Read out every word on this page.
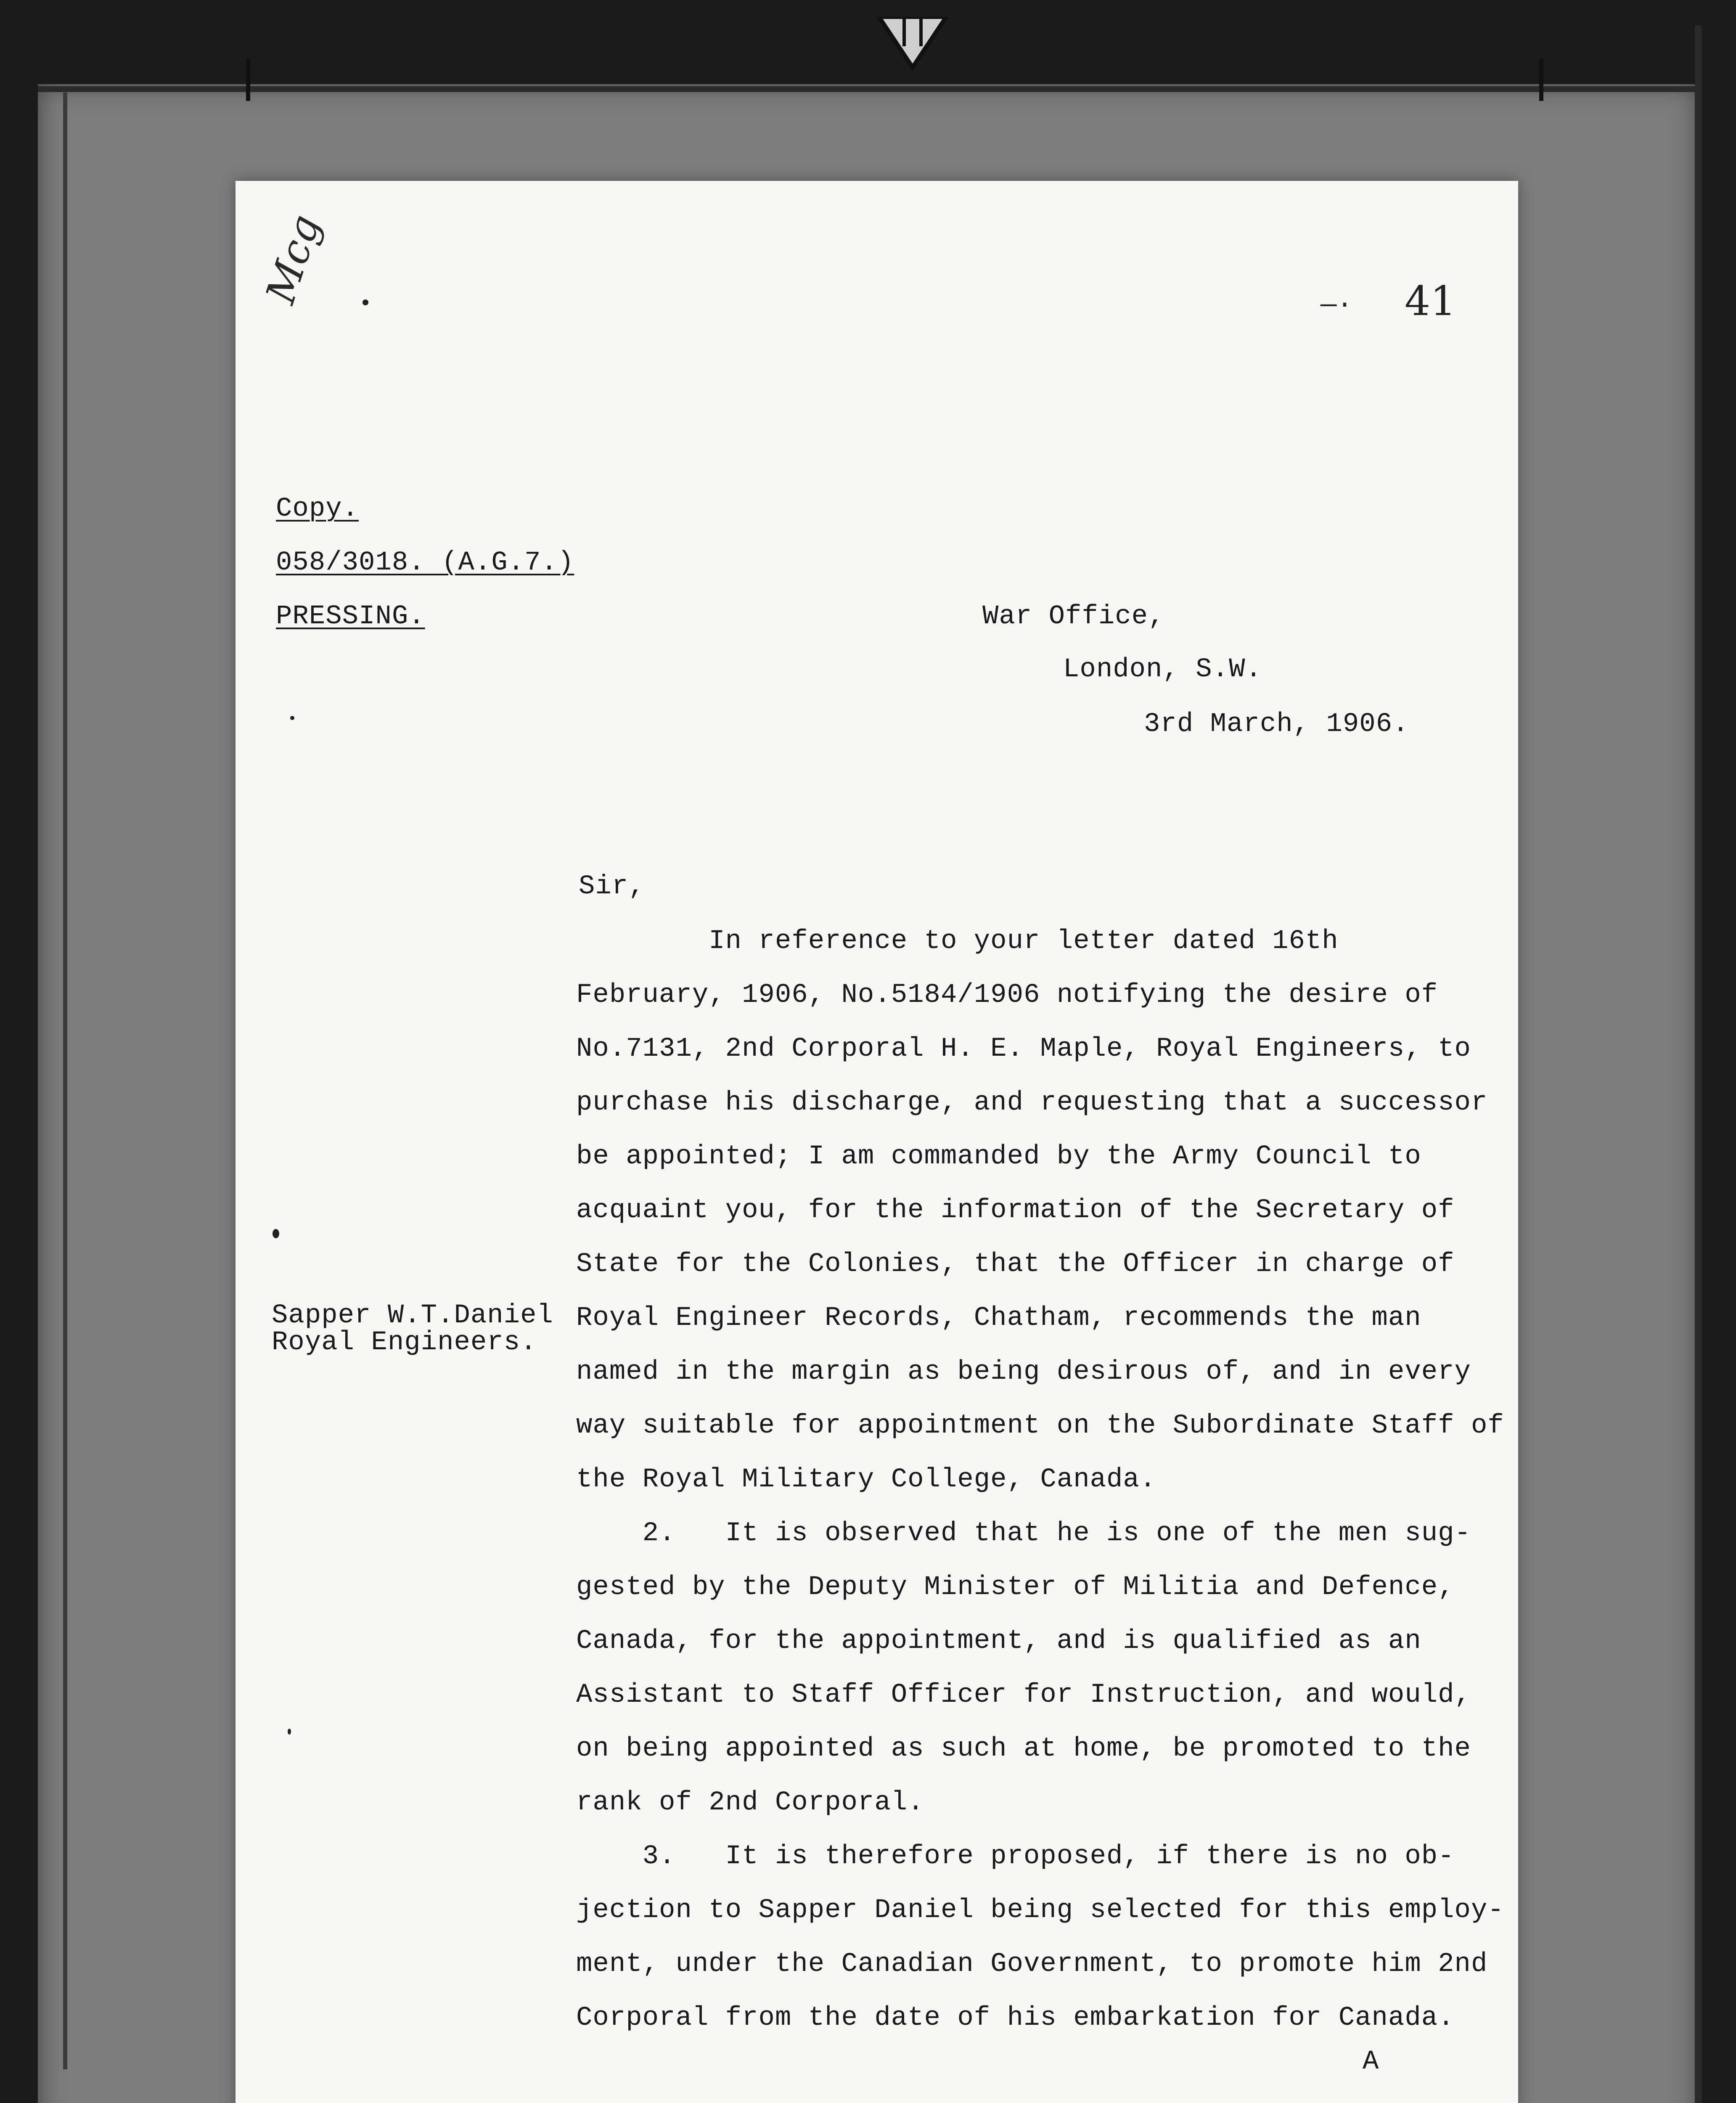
Mcg	—· 41
Copy.
058/3018. (A.G.7.)
PRESSING.	War Office,
London, S.W.
3rd March, 1906.
Sir,
Sapper W.T.Daniel
Royal Engineers.
In reference to your letter dated 16th
February, 1906, No.5184/1906 notifying the desire of
No.7131, 2nd Corporal H. E. Maple, Royal Engineers, to
purchase his discharge, and requesting that a successor
be appointed; I am commanded by the Army Council to
acquaint you, for the information of the Secretary of
State for the Colonies, that the Officer in charge of
Royal Engineer Records, Chatham, recommends the man
named in the margin as being desirous of, and in every
way suitable for appointment on the Subordinate Staff of
the Royal Military College, Canada.
2.   It is observed that he is one of the men sug-
gested by the Deputy Minister of Militia and Defence,
Canada, for the appointment, and is qualified as an
Assistant to Staff Officer for Instruction, and would,
on being appointed as such at home, be promoted to the
rank of 2nd Corporal.
3.   It is therefore proposed, if there is no ob-
jection to Sapper Daniel being selected for this employ-
ment, under the Canadian Government, to promote him 2nd
Corporal from the date of his embarkation for Canada.
A
